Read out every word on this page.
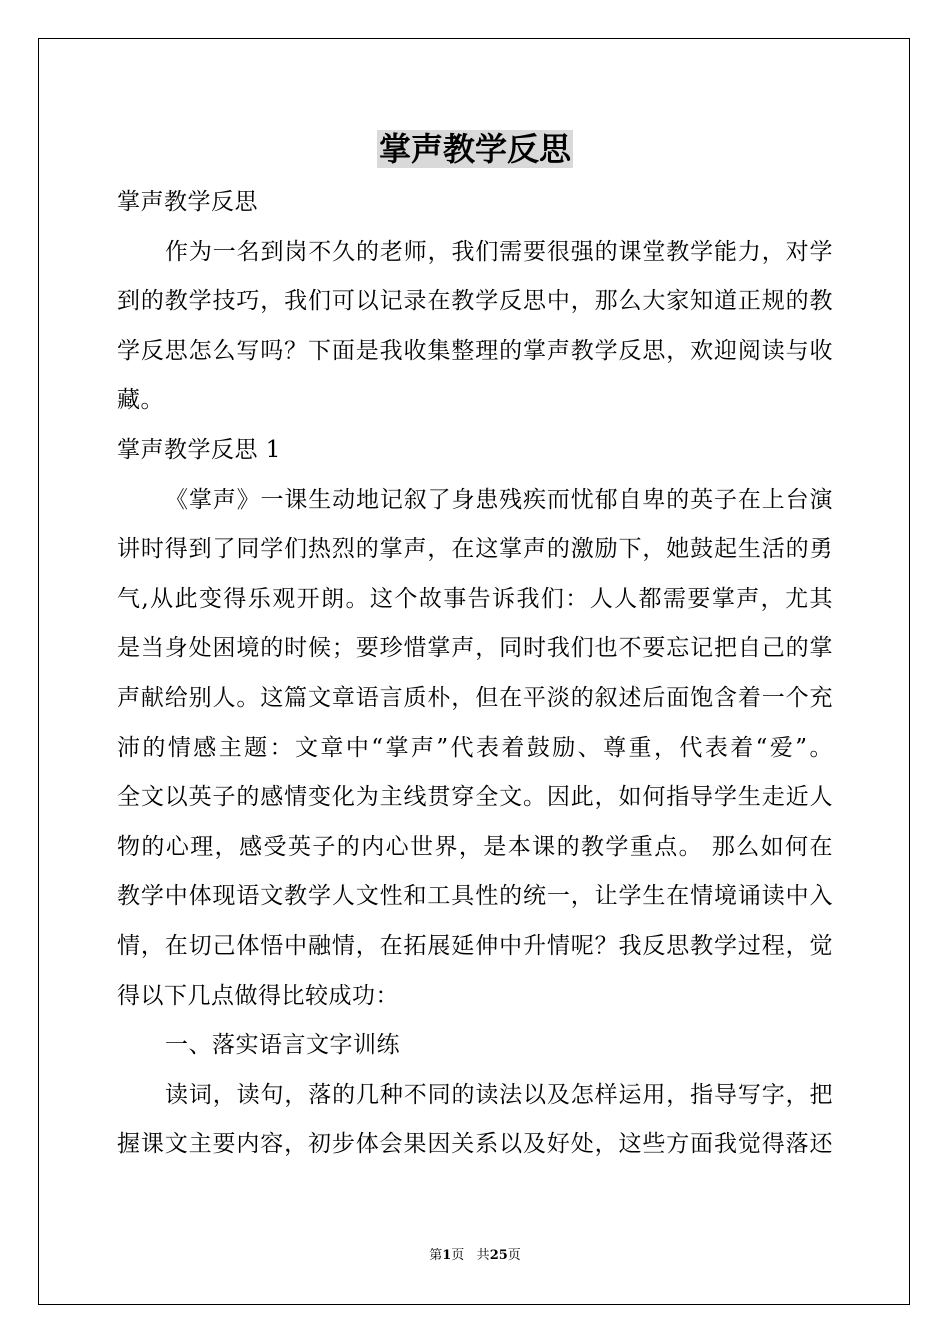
掌声教学反思
掌声教学反思
作为一名到岗不久的老师，我们需要很强的课堂教学能力，对学
到的教学技巧，我们可以记录在教学反思中，那么大家知道正规的教
学反思怎么写吗？下面是我收集整理的掌声教学反思，欢迎阅读与收
藏。
掌声教学反思 1
《掌声》一课生动地记叙了身患残疾而忧郁自卑的英子在上台演
讲时得到了同学们热烈的掌声，在这掌声的激励下，她鼓起生活的勇
气,从此变得乐观开朗。这个故事告诉我们：人人都需要掌声，尤其
是当身处困境的时候；要珍惜掌声，同时我们也不要忘记把自己的掌
声献给别人。这篇文章语言质朴，但在平淡的叙述后面饱含着一个充
沛的情感主题：文章中“掌声”代表着鼓励、尊重，代表着“爱”。
全文以英子的感情变化为主线贯穿全文。因此，如何指导学生走近人
物的心理，感受英子的内心世界，是本课的教学重点。 那么如何在
教学中体现语文教学人文性和工具性的统一，让学生在情境诵读中入
情，在切己体悟中融情，在拓展延伸中升情呢？我反思教学过程，觉
得以下几点做得比较成功：
一、落实语言文字训练
读词，读句，落的几种不同的读法以及怎样运用，指导写字，把
握课文主要内容，初步体会果因关系以及好处，这些方面我觉得落还
第1页 共25页
